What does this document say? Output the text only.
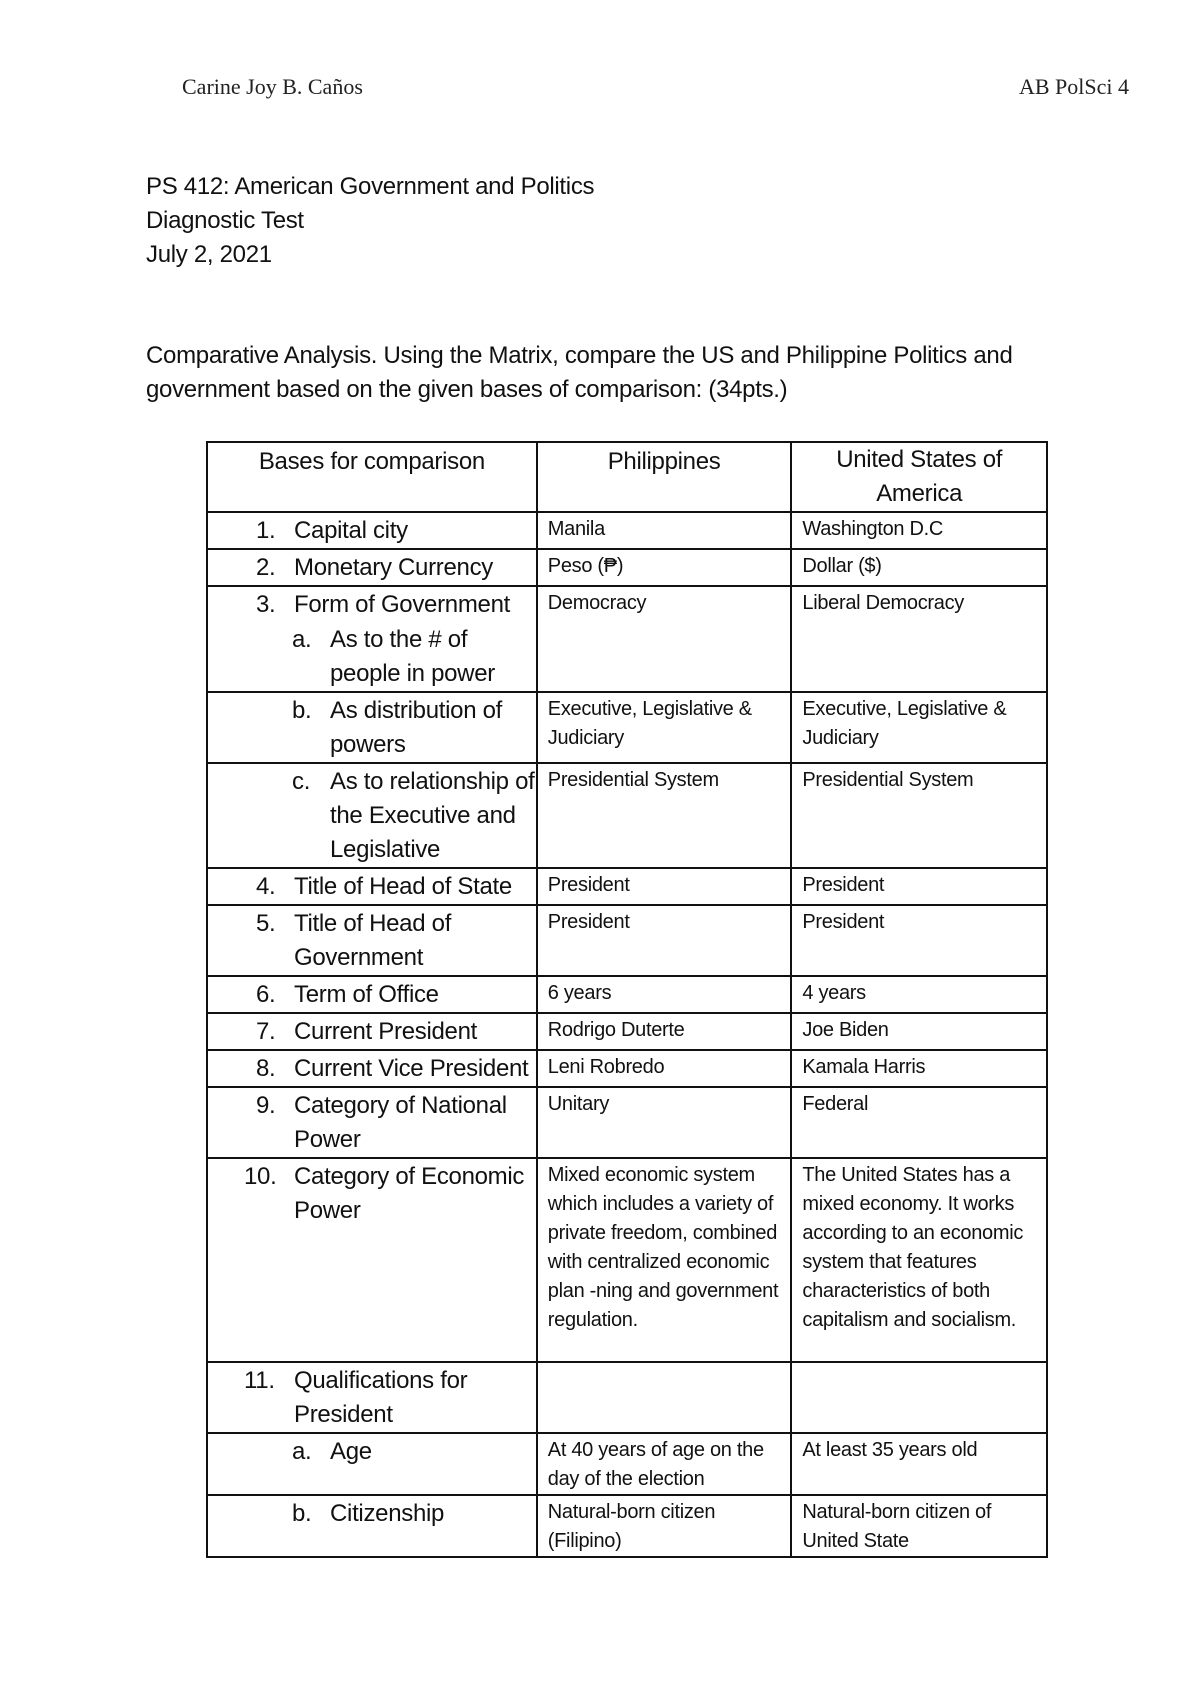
Carine Joy B. Caños	AB PolSci 4
PS 412: American Government and Politics
Diagnostic Test
July 2, 2021
Comparative Analysis. Using the Matrix, compare the US and Philippine Politics and government based on the given bases of comparison: (34pts.)
Bases for comparison	Philippines	United States of America

1. Capital city	Manila	Washington D.C

2. Monetary Currency	Peso (₱)	Dollar ($)

3. Form of Government
a. As to the # of people in power	Democracy	Liberal Democracy

b. As distribution of powers	Executive, Legislative & Judiciary	Executive, Legislative & Judiciary

c. As to relationship of the Executive and Legislative	Presidential System	Presidential System

4. Title of Head of State	President	President

5. Title of Head of Government	President	President

6. Term of Office	6 years	4 years

7. Current President	Rodrigo Duterte	Joe Biden

8. Current Vice President	Leni Robredo	Kamala Harris

9. Category of National Power	Unitary	Federal

10. Category of Economic Power	Mixed economic system which includes a variety of private freedom, combined with centralized economic plan -ning and government regulation.	The United States has a mixed economy. It works according to an economic system that features characteristics of both capitalism and socialism.

11. Qualifications for President		

a. Age	At 40 years of age on the day of the election	At least 35 years old

b. Citizenship	Natural-born citizen (Filipino)	Natural-born citizen of United State
